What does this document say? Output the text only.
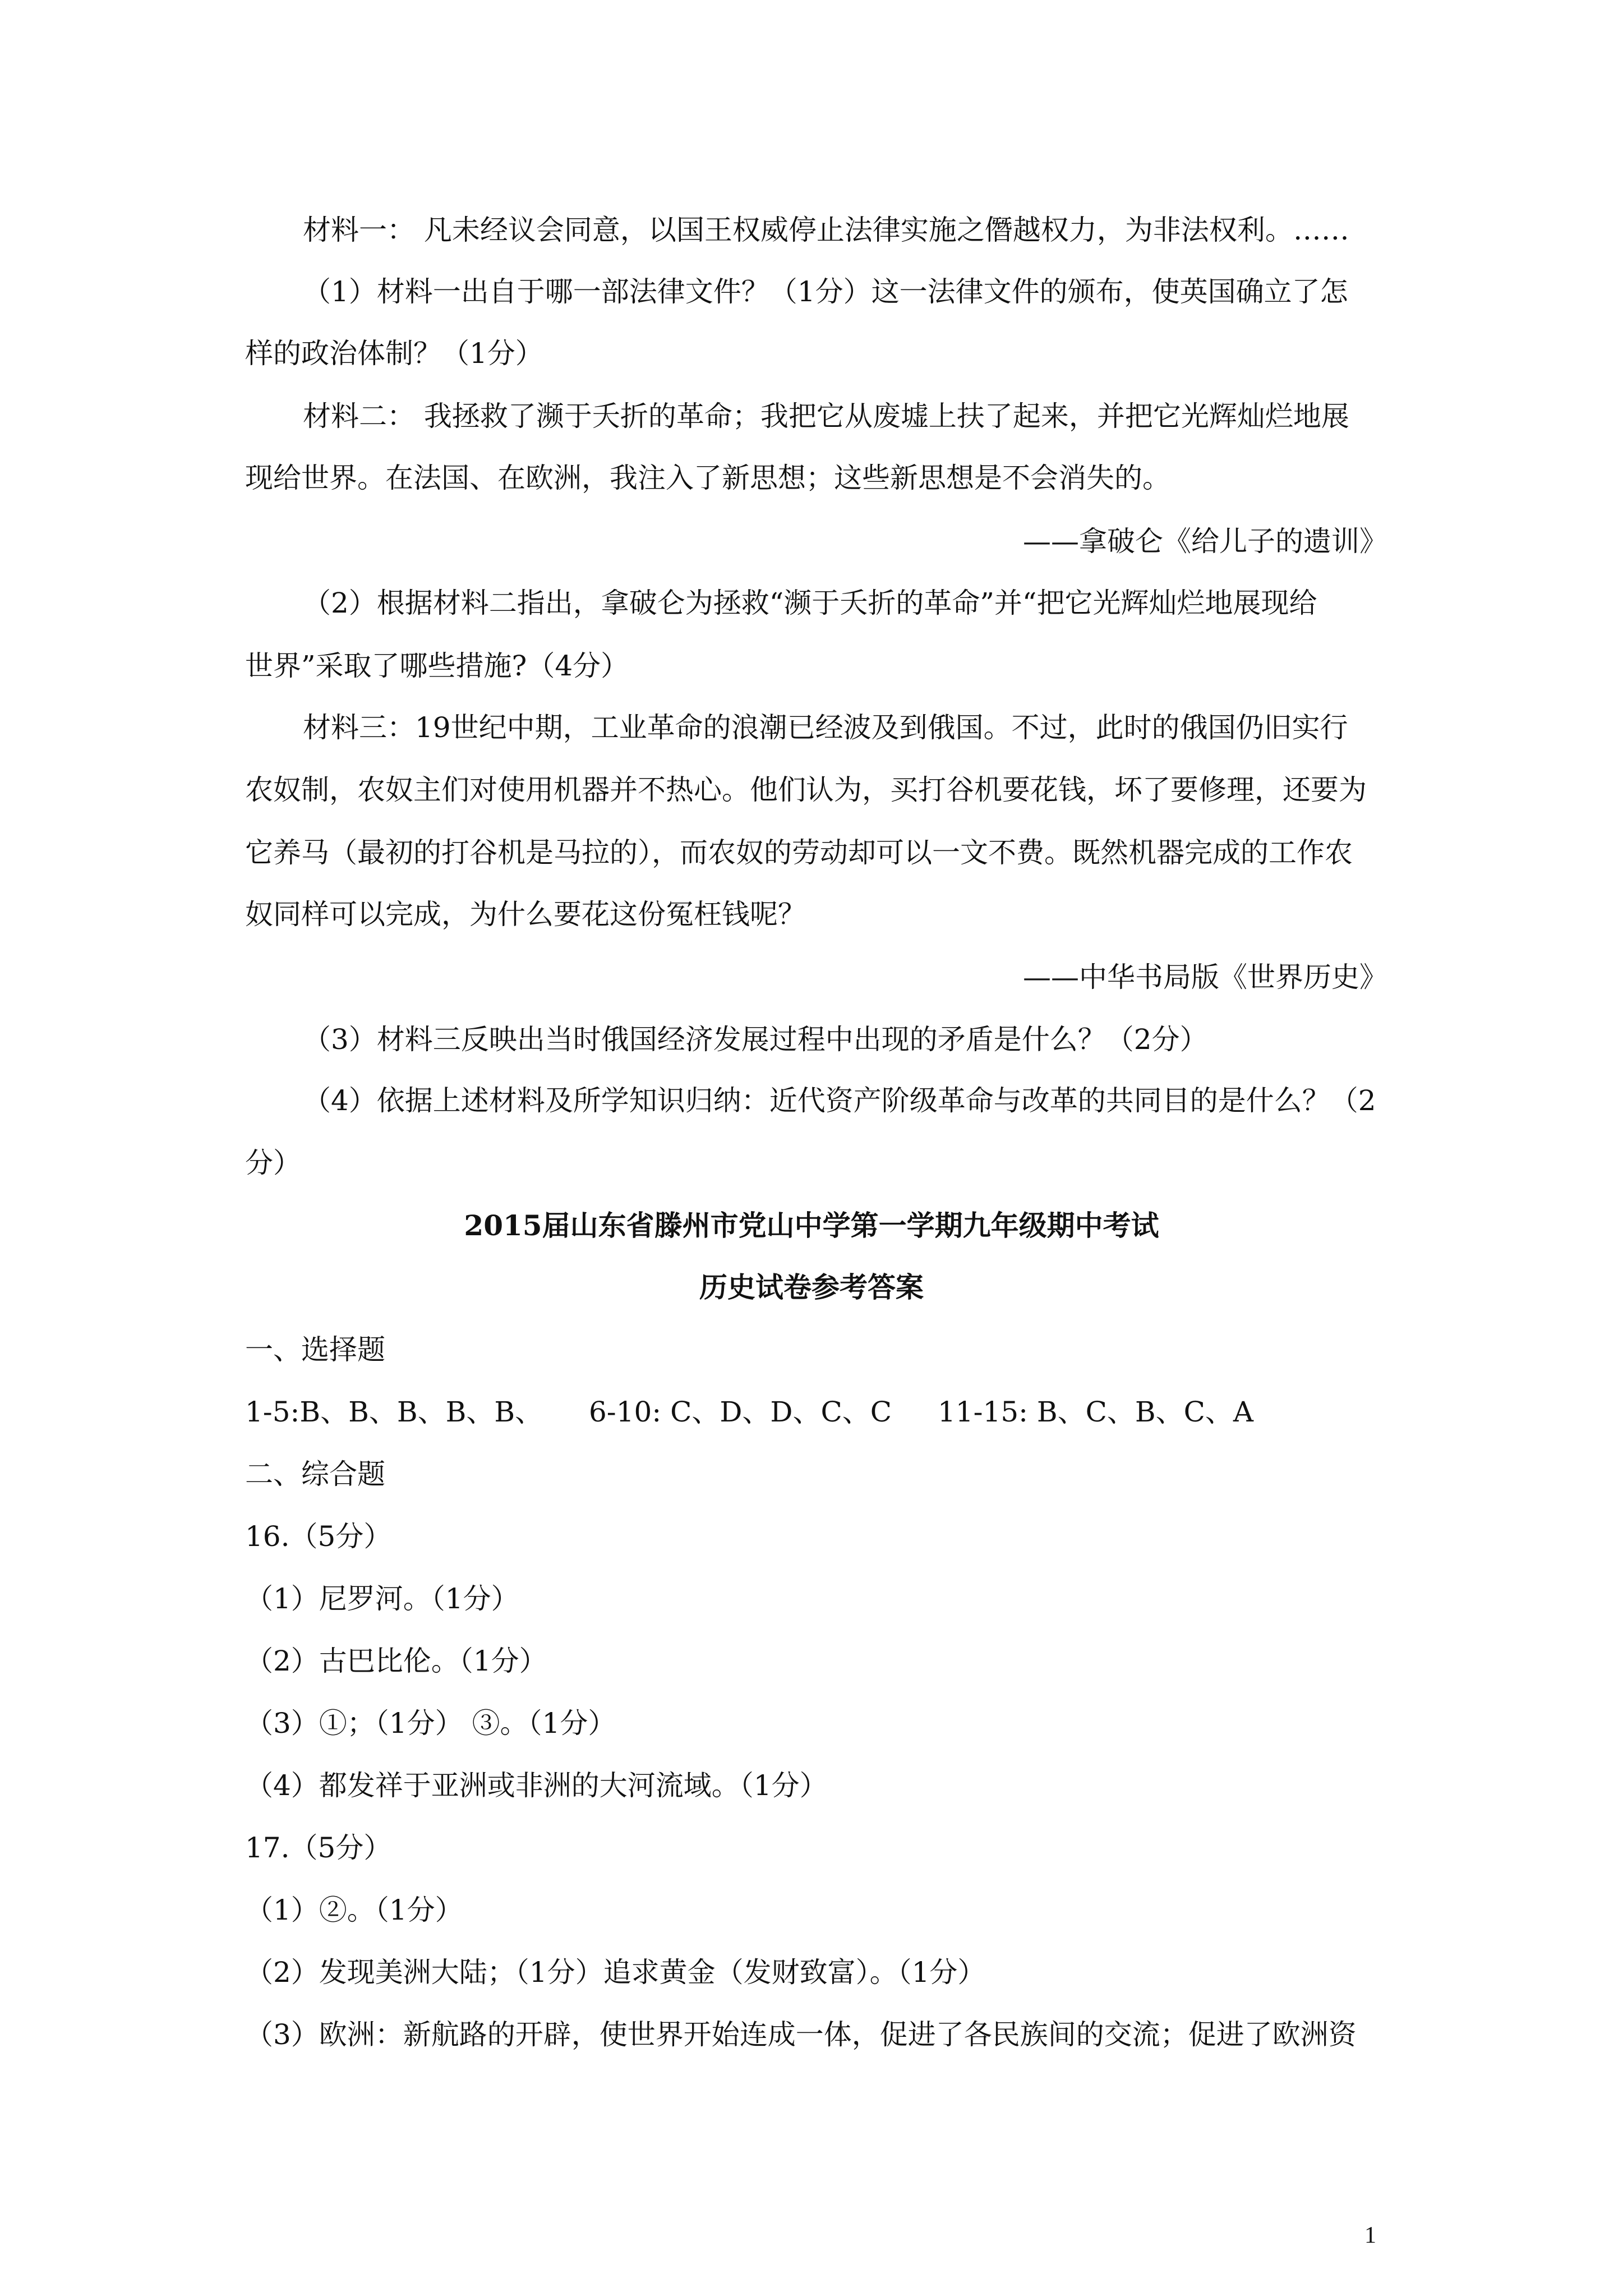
材料一： 凡未经议会同意，以国王权威停止法律实施之僭越权力，为非法权利。……
（1）材料一出自于哪一部法律文件？（1分）这一法律文件的颁布，使英国确立了怎
样的政治体制？（1分）
材料二： 我拯救了濒于夭折的革命；我把它从废墟上扶了起来，并把它光辉灿烂地展
现给世界。在法国、在欧洲，我注入了新思想；这些新思想是不会消失的。
——拿破仑《给儿子的遗训》
（2）根据材料二指出，拿破仑为拯救“濒于夭折的革命”并“把它光辉灿烂地展现给
世界”采取了哪些措施?（4分）
材料三：19世纪中期，工业革命的浪潮已经波及到俄国。不过，此时的俄国仍旧实行
农奴制，农奴主们对使用机器并不热心。他们认为，买打谷机要花钱，坏了要修理，还要为
它养马（最初的打谷机是马拉的），而农奴的劳动却可以一文不费。既然机器完成的工作农
奴同样可以完成，为什么要花这份冤枉钱呢？
——中华书局版《世界历史》
（3）材料三反映出当时俄国经济发展过程中出现的矛盾是什么？（2分）
（4）依据上述材料及所学知识归纳：近代资产阶级革命与改革的共同目的是什么？（2
分）
2015届山东省滕州市党山中学第一学期九年级期中考试
历史试卷参考答案
一、选择题
1-5:B、B、B、B、B、 6-10: C、D、D、C、C 11-15: B、C、B、C、A
二、综合题
16.（5分）
（1）尼罗河。（1分）
（2）古巴比伦。（1分）
（3）①；（1分） ③。（1分）
（4）都发祥于亚洲或非洲的大河流域。（1分）
17.（5分）
（1）②。（1分）
（2）发现美洲大陆；（1分）追求黄金（发财致富）。（1分）
（3）欧洲：新航路的开辟，使世界开始连成一体，促进了各民族间的交流；促进了欧洲资
1
